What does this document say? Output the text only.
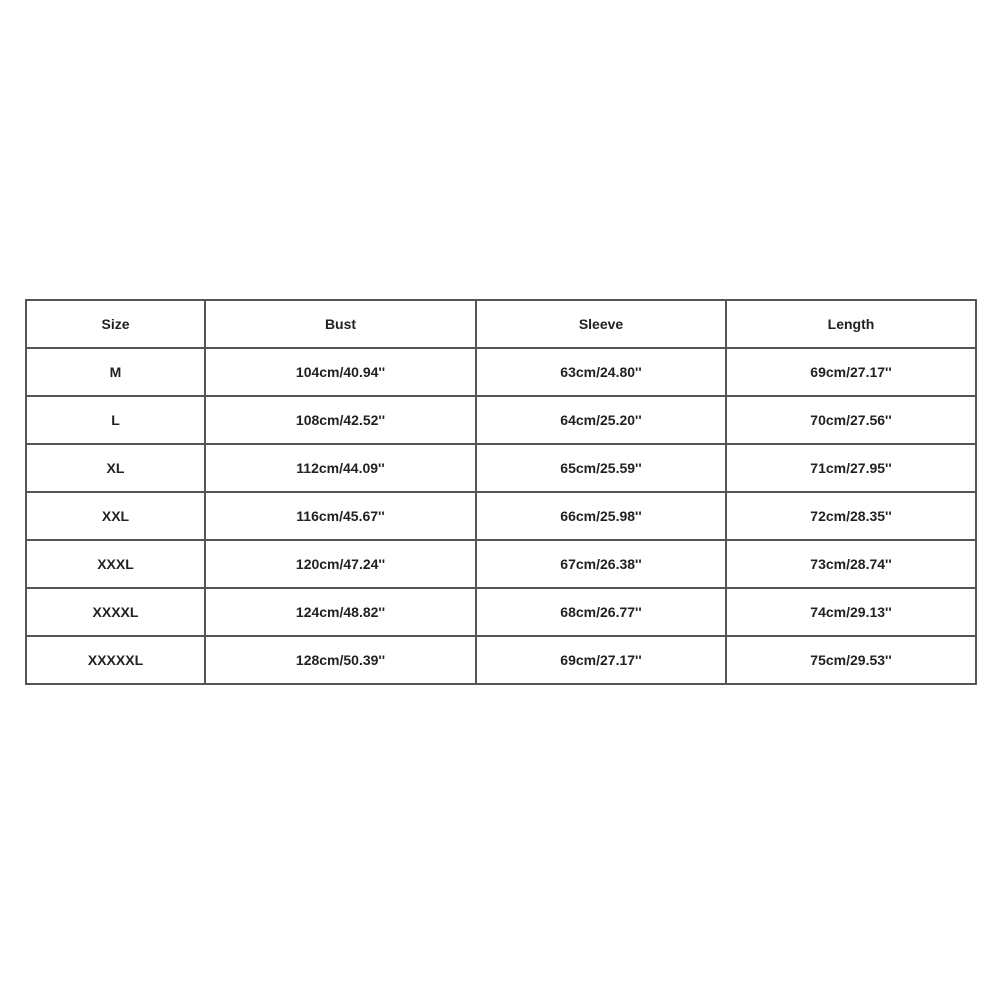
Size	Bust	Sleeve	Length
M	104cm/40.94''	63cm/24.80''	69cm/27.17''
L	108cm/42.52''	64cm/25.20''	70cm/27.56''
XL	112cm/44.09''	65cm/25.59''	71cm/27.95''
XXL	116cm/45.67''	66cm/25.98''	72cm/28.35''
XXXL	120cm/47.24''	67cm/26.38''	73cm/28.74''
XXXXL	124cm/48.82''	68cm/26.77''	74cm/29.13''
XXXXXL	128cm/50.39''	69cm/27.17''	75cm/29.53''
